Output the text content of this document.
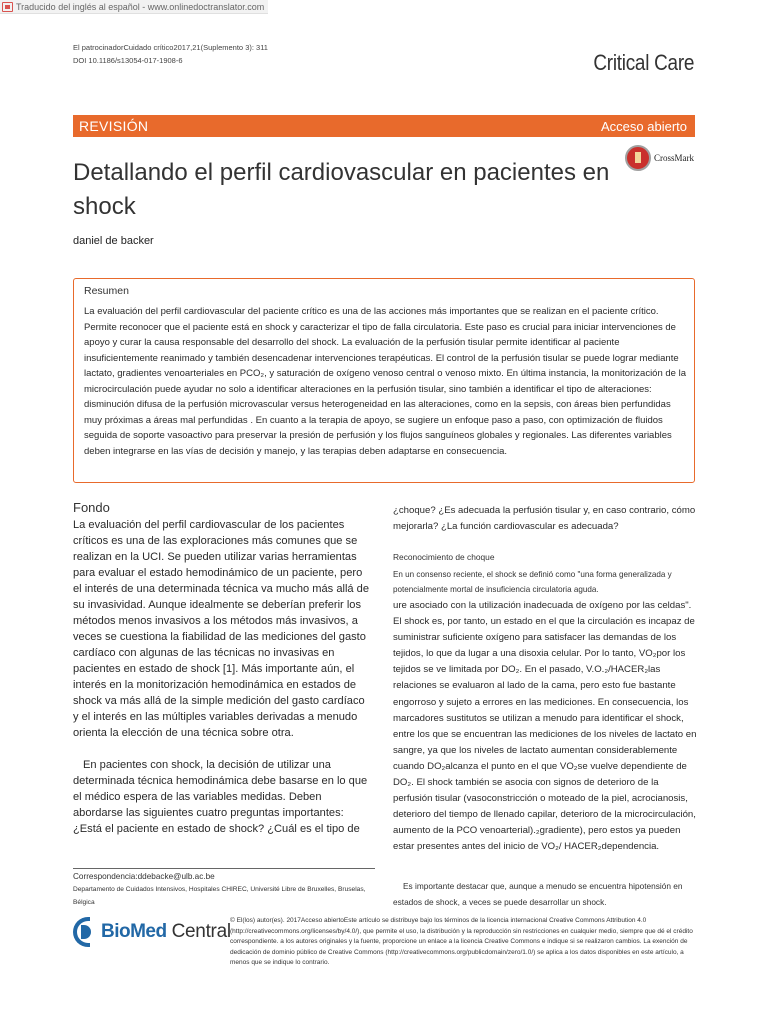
Traducido del inglés al español - www.onlinedoctranslator.com
El patrocinadorCuidado crítico2017,21(Suplemento 3): 311
DOI 10.1186/s13054-017-1908-6	Critical Care
REVISIÓN	Acceso abierto
Detallando el perfil cardiovascular en pacientes en shock
CrossMark
daniel de backer
Resumen
La evaluación del perfil cardiovascular del paciente crítico es una de las acciones más importantes que se realizan en el paciente crítico. Permite reconocer que el paciente está en shock y caracterizar el tipo de falla circulatoria. Este paso es crucial para iniciar intervenciones de apoyo y curar la causa responsable del desarrollo del shock. La evaluación de la perfusión tisular permite identificar al paciente insuficientemente reanimado y también desencadenar intervenciones terapéuticas. El control de la perfusión tisular se puede lograr mediante lactato, gradientes venoarteriales en PCO₂, y saturación de oxígeno venoso central o venoso mixto. En última instancia, la monitorización de la microcirculación puede ayudar no solo a identificar alteraciones en la perfusión tisular, sino también a identificar el tipo de alteraciones: disminución difusa de la perfusión microvascular versus heterogeneidad en las alteraciones, como en la sepsis, con áreas bien perfundidas muy próximas a áreas mal perfundidas . En cuanto a la terapia de apoyo, se sugiere un enfoque paso a paso, con optimización de fluidos seguida de soporte vasoactivo para preservar la presión de perfusión y los flujos sanguíneos globales y regionales. Las diferentes variables deben integrarse en las vías de decisión y manejo, y las terapias deben adaptarse en consecuencia.
Fondo

La evaluación del perfil cardiovascular de los pacientes críticos es una de las exploraciones más comunes que se realizan en la UCI. Se pueden utilizar varias herramientas para evaluar el estado hemodinámico de un paciente, pero el interés de una determinada técnica va mucho más allá de su invasividad. Aunque idealmente se deberían preferir los métodos menos invasivos a los métodos más invasivos, a veces se cuestiona la fiabilidad de las mediciones del gasto cardíaco con algunas de las técnicas no invasivas en pacientes en estado de shock [1]. Más importante aún, el interés en la monitorización hemodinámica en estados de shock va más allá de la simple medición del gasto cardíaco y el interés en las múltiples variables derivadas a menudo orienta la elección de una técnica sobre otra.

En pacientes con shock, la decisión de utilizar una determinada técnica hemodinámica debe basarse en lo que el médico espera de las variables medidas. Deben abordarse las siguientes cuatro preguntas importantes: ¿Está el paciente en estado de shock? ¿Cuál es el tipo de

¿choque? ¿Es adecuada la perfusión tisular y, en caso contrario, cómo mejorarla? ¿La función cardiovascular es adecuada?
Reconocimiento de choque
En un consenso reciente, el shock se definió como "una forma generalizada y potencialmente mortal de insuficiencia circulatoria aguda.
ure asociado con la utilización inadecuada de oxígeno por las celdas". El shock es, por tanto, un estado en el que la circulación es incapaz de suministrar suficiente oxígeno para satisfacer las demandas de los tejidos, lo que da lugar a una disoxia celular. Por lo tanto, VO₂por los tejidos se ve limitada por DO₂. En el pasado, V.O.₂/HACER₂las relaciones se evaluaron al lado de la cama, pero esto fue bastante engorroso y sujeto a errores en las mediciones. En consecuencia, los marcadores sustitutos se utilizan a menudo para identificar el shock, entre los que se encuentran las mediciones de los niveles de lactato en sangre, ya que los niveles de lactato aumentan considerablemente cuando DO₂alcanza el punto en el que VO₂se vuelve dependiente de DO₂. El shock también se asocia con signos de deterioro de la perfusión tisular (vasoconstricción o moteado de la piel, acrocianosis, deterioro del tiempo de llenado capilar, deterioro de la microcirculación, aumento de la PCO venoarterial).₂gradiente), pero estos ya pueden estar presentes antes del inicio de VO₂/ HACER₂dependencia.
Es importante destacar que, aunque a menudo se encuentra hipotensión en estados de shock, a veces se puede desarrollar un shock.
Correspondencia:ddebacke@ulb.ac.be
Departamento de Cuidados Intensivos, Hospitales CHIREC, Université Libre de Bruxelles, Bruselas, Bélgica
BioMed Central
© El(los) autor(es). 2017Acceso abiertoEste artículo se distribuye bajo los términos de la licencia internacional Creative Commons Attribution 4.0 (http://creativecommons.org/licenses/by/4.0/), que permite el uso, la distribución y la reproducción sin restricciones en cualquier medio, siempre que dé el crédito correspondiente. a los autores originales y la fuente, proporcione un enlace a la licencia Creative Commons e indique si se realizaron cambios. La exención de dedicación de dominio público de Creative Commons (http://creativecommons.org/publicdomain/zero/1.0/) se aplica a los datos disponibles en este artículo, a menos que se indique lo contrario.
